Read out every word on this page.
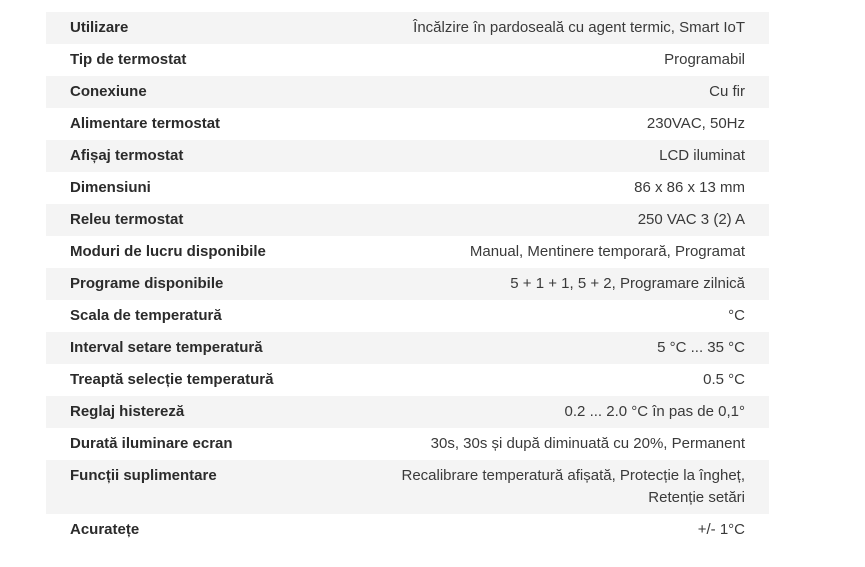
Utilizare	Încălzire în pardoseală cu agent termic, Smart IoT
Tip de termostat	Programabil
Conexiune	Cu fir
Alimentare termostat	230VAC, 50Hz
Afișaj termostat	LCD iluminat
Dimensiuni	86 x 86 x 13 mm
Releu termostat	250 VAC 3 (2) A
Moduri de lucru disponibile	Manual, Mentinere temporară, Programat
Programe disponibile	5 + 1 + 1, 5 + 2, Programare zilnică
Scala de temperatură	°C
Interval setare temperatură	5 °C ... 35 °C
Treaptă selecție temperatură	0.5 °C
Reglaj histereză	0.2 ... 2.0 °C în pas de 0,1°
Durată iluminare ecran	30s, 30s și după diminuată cu 20%, Permanent
Funcții suplimentare	Recalibrare temperatură afișată, Protecție la îngheț, Retenție setări
Acuratețe	+/- 1°C
